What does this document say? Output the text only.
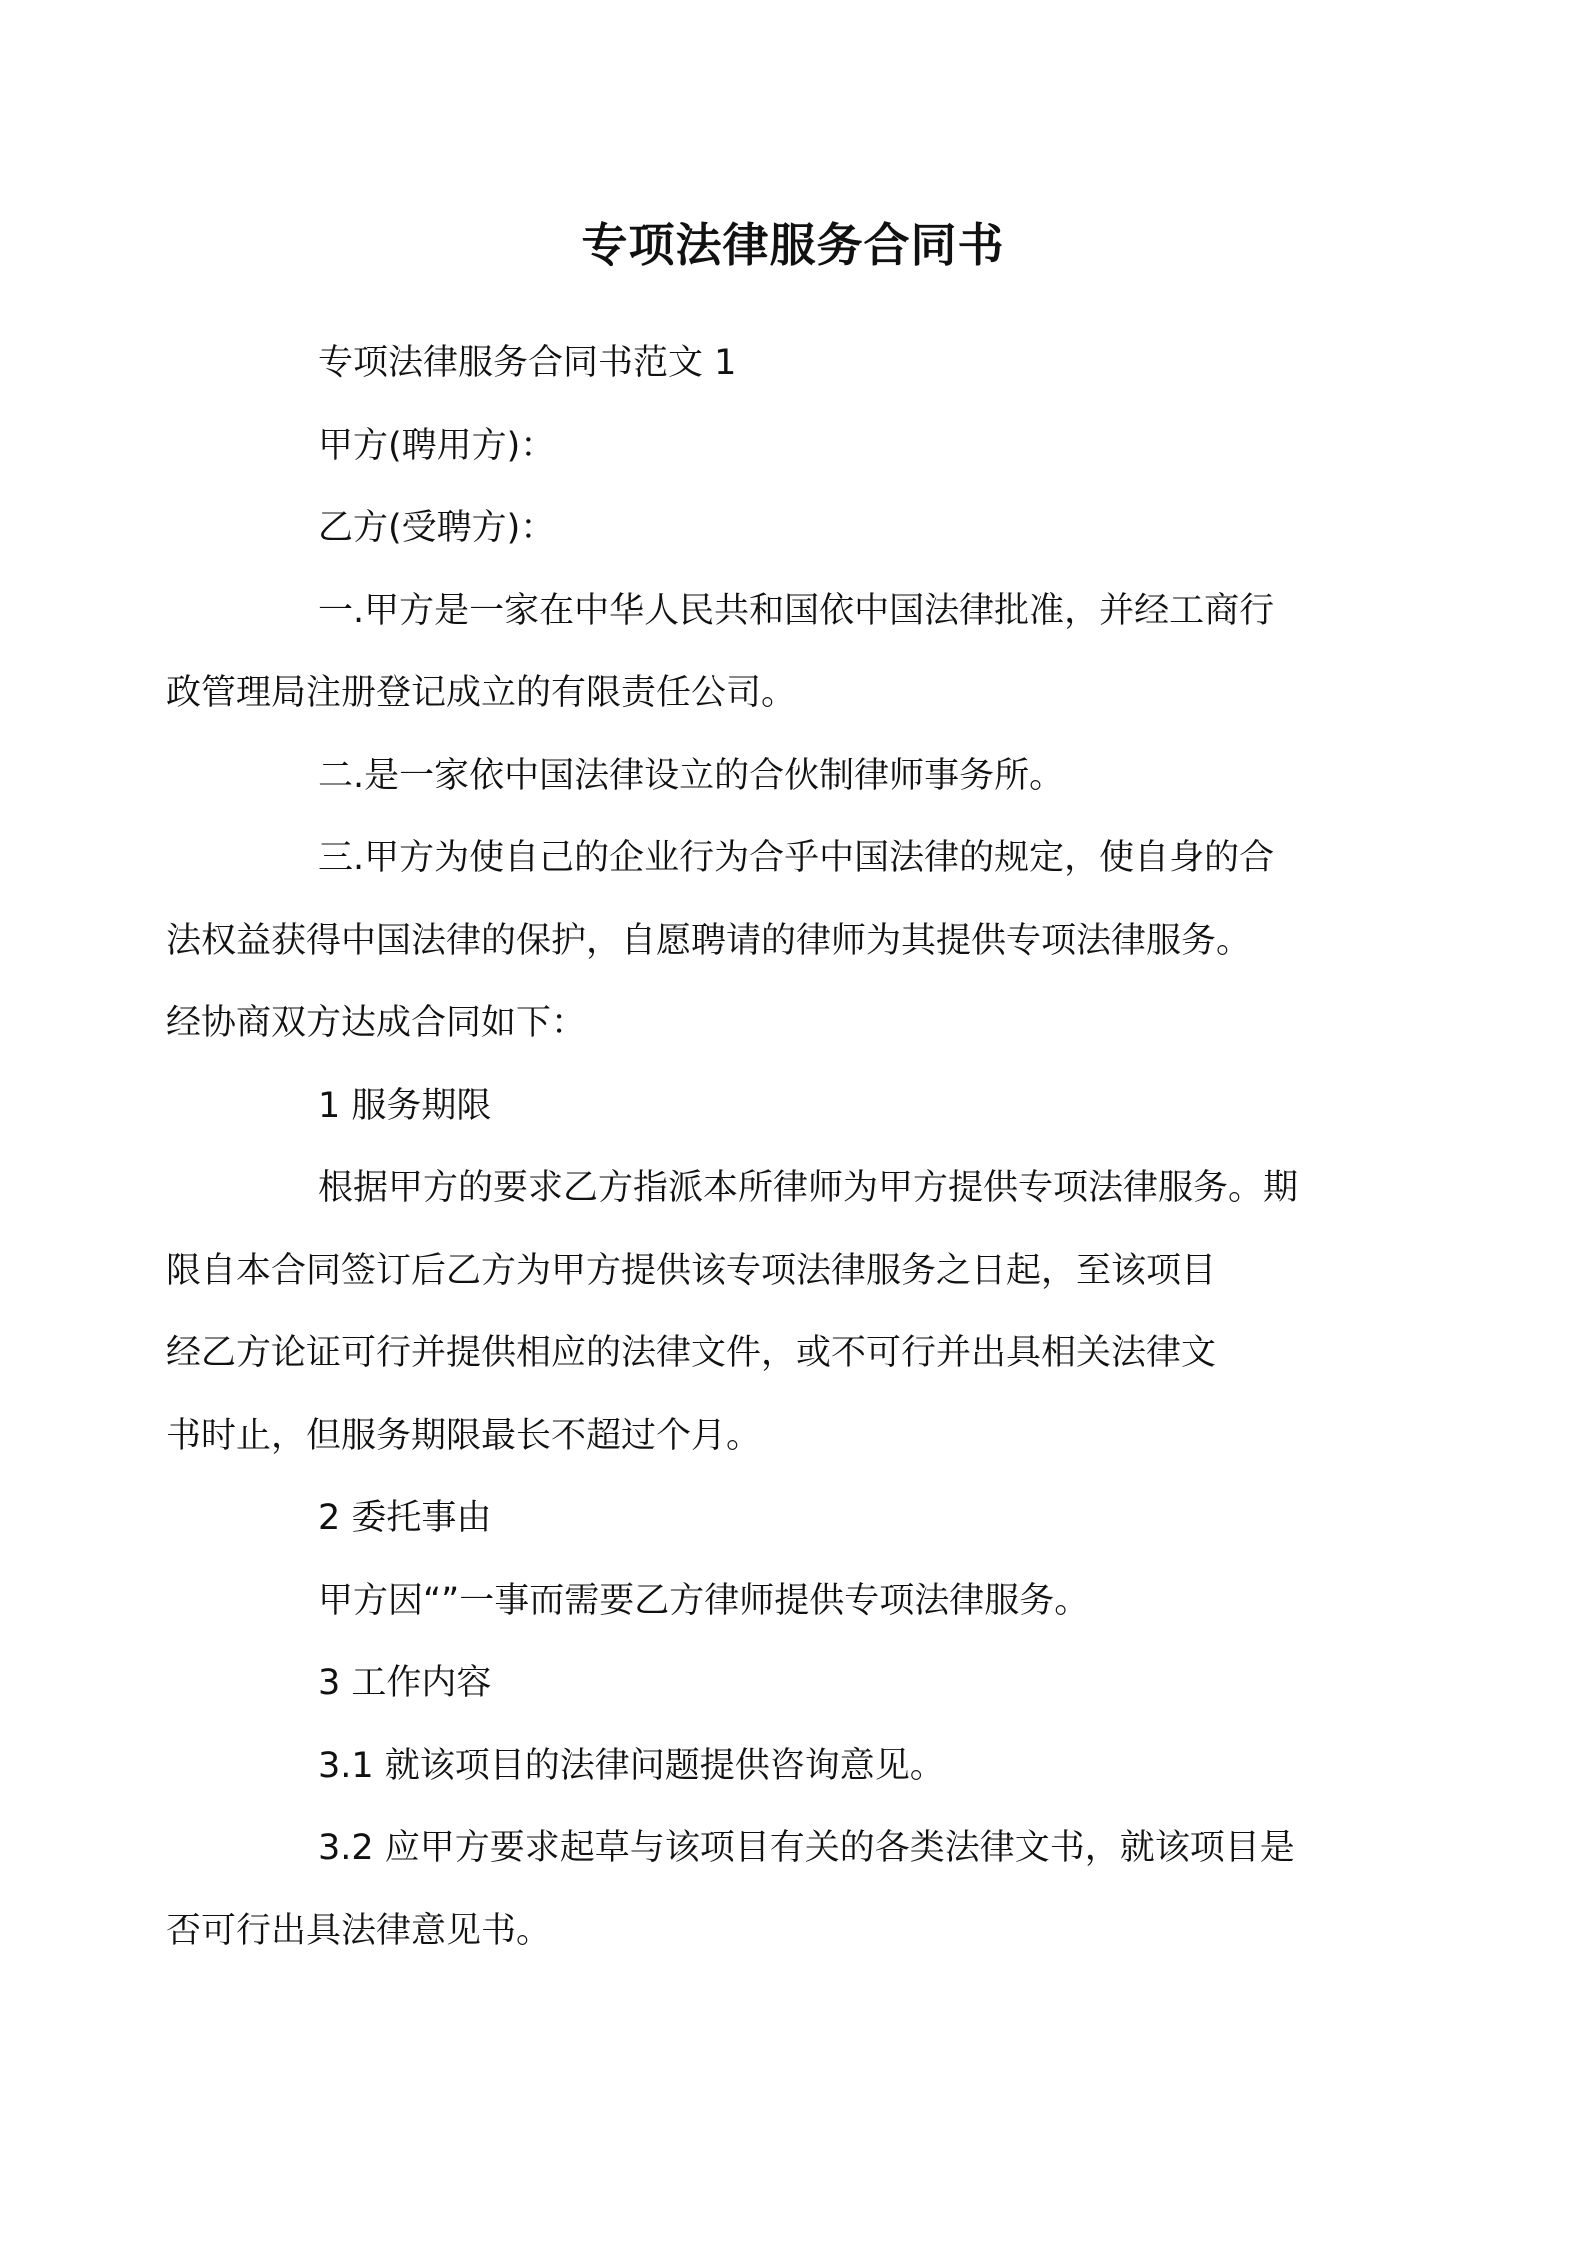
专项法律服务合同书

专项法律服务合同书范文 1

甲方(聘用方)：

乙方(受聘方)：

一.甲方是一家在中华人民共和国依中国法律批准，并经工商行
政管理局注册登记成立的有限责任公司。

二.是一家依中国法律设立的合伙制律师事务所。

三.甲方为使自己的企业行为合乎中国法律的规定，使自身的合
法权益获得中国法律的保护，自愿聘请的律师为其提供专项法律服务。
经协商双方达成合同如下：

1 服务期限

根据甲方的要求乙方指派本所律师为甲方提供专项法律服务。期
限自本合同签订后乙方为甲方提供该专项法律服务之日起，至该项目
经乙方论证可行并提供相应的法律文件，或不可行并出具相关法律文
书时止，但服务期限最长不超过个月。

2 委托事由

甲方因“”一事而需要乙方律师提供专项法律服务。

3 工作内容

3.1 就该项目的法律问题提供咨询意见。

3.2 应甲方要求起草与该项目有关的各类法律文书，就该项目是
否可行出具法律意见书。
